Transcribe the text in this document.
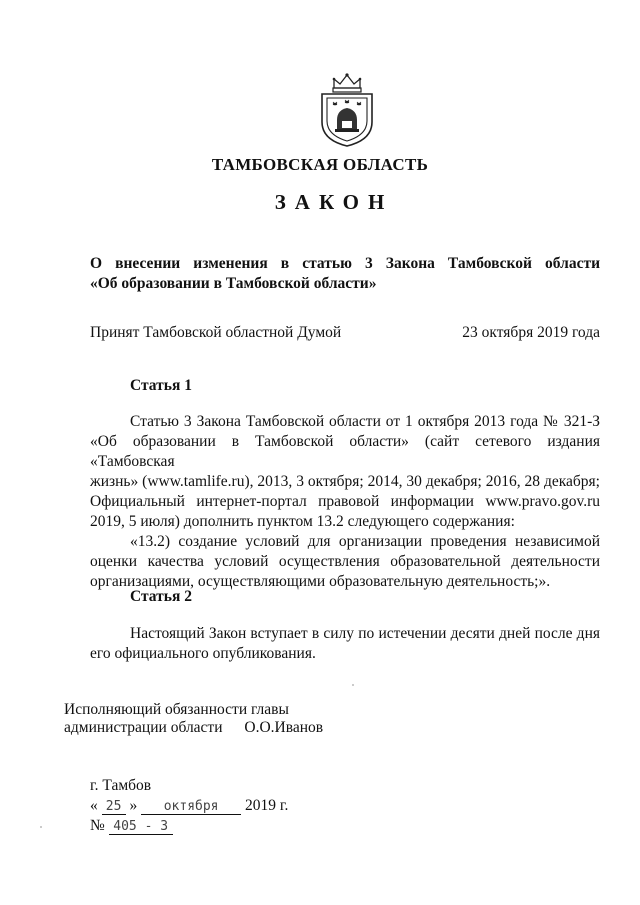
ТАМБОВСКАЯ ОБЛАСТЬ
ЗАКОН
О внесении изменения в статью 3 Закона Тамбовской области
«Об образовании в Тамбовской области»
Принят Тамбовской областной Думой	23 октября 2019 года
Статья 1
Статью 3 Закона Тамбовской области от 1 октября 2013 года № 321-З
«Об образовании в Тамбовской области» (сайт сетевого издания «Тамбовская
жизнь» (www.tamlife.ru), 2013, 3 октября; 2014, 30 декабря; 2016, 28 декабря;
Официальный интернет-портал правовой информации www.pravo.gov.ru
2019, 5 июля) дополнить пунктом 13.2 следующего содержания:
«13.2) создание условий для организации проведения независимой
оценки качества условий осуществления образовательной деятельности
организациями, осуществляющими образовательную деятельность;».
Статья 2
Настоящий Закон вступает в силу по истечении десяти дней после дня
его официального опубликования.
Исполняющий обязанности главы
администрации области О.О.Иванов
г. Тамбов
« 25 » октября 2019 г.
№ 405 - З
